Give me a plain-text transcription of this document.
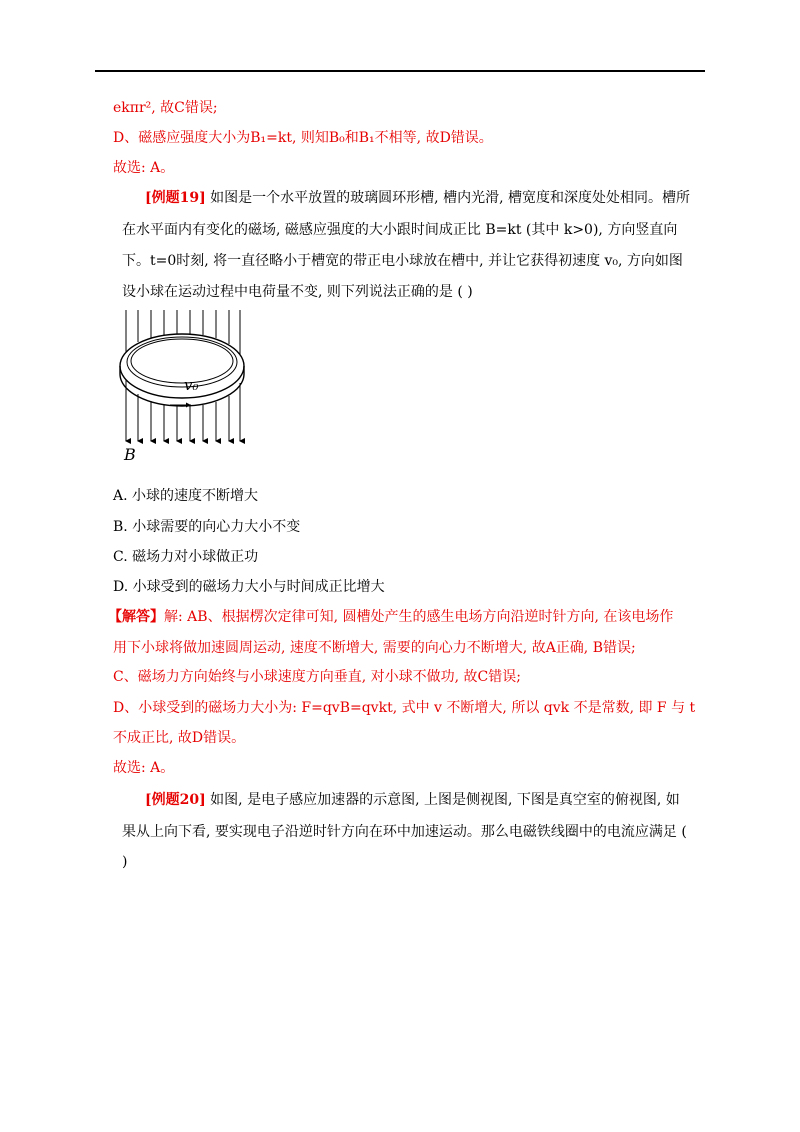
ekπr², 故C错误;
D、磁感应强度大小为B₁=kt, 则知B₀和B₁不相等, 故D错误。
故选: A。
[例题19] 如图是一个水平放置的玻璃圆环形槽, 槽内光滑, 槽宽度和深度处处相同。槽所
在水平面内有变化的磁场, 磁感应强度的大小跟时间成正比 B=kt (其中 k>0), 方向竖直向
下。t=0时刻, 将一直径略小于槽宽的带正电小球放在槽中, 并让它获得初速度 v₀, 方向如图
设小球在运动过程中电荷量不变, 则下列说法正确的是 ( )
v₀
B
A. 小球的速度不断增大
B. 小球需要的向心力大小不变
C. 磁场力对小球做正功
D. 小球受到的磁场力大小与时间成正比增大
【解答】解: AB、根据楞次定律可知, 圆槽处产生的感生电场方向沿逆时针方向, 在该电场作
用下小球将做加速圆周运动, 速度不断增大, 需要的向心力不断增大, 故A正确, B错误;
C、磁场力方向始终与小球速度方向垂直, 对小球不做功, 故C错误;
D、小球受到的磁场力大小为: F=qvB=qvkt, 式中 v 不断增大, 所以 qvk 不是常数, 即 F 与 t
不成正比, 故D错误。
故选: A。
[例题20] 如图, 是电子感应加速器的示意图, 上图是侧视图, 下图是真空室的俯视图, 如
果从上向下看, 要实现电子沿逆时针方向在环中加速运动。那么电磁铁线圈中的电流应满足 (
)
